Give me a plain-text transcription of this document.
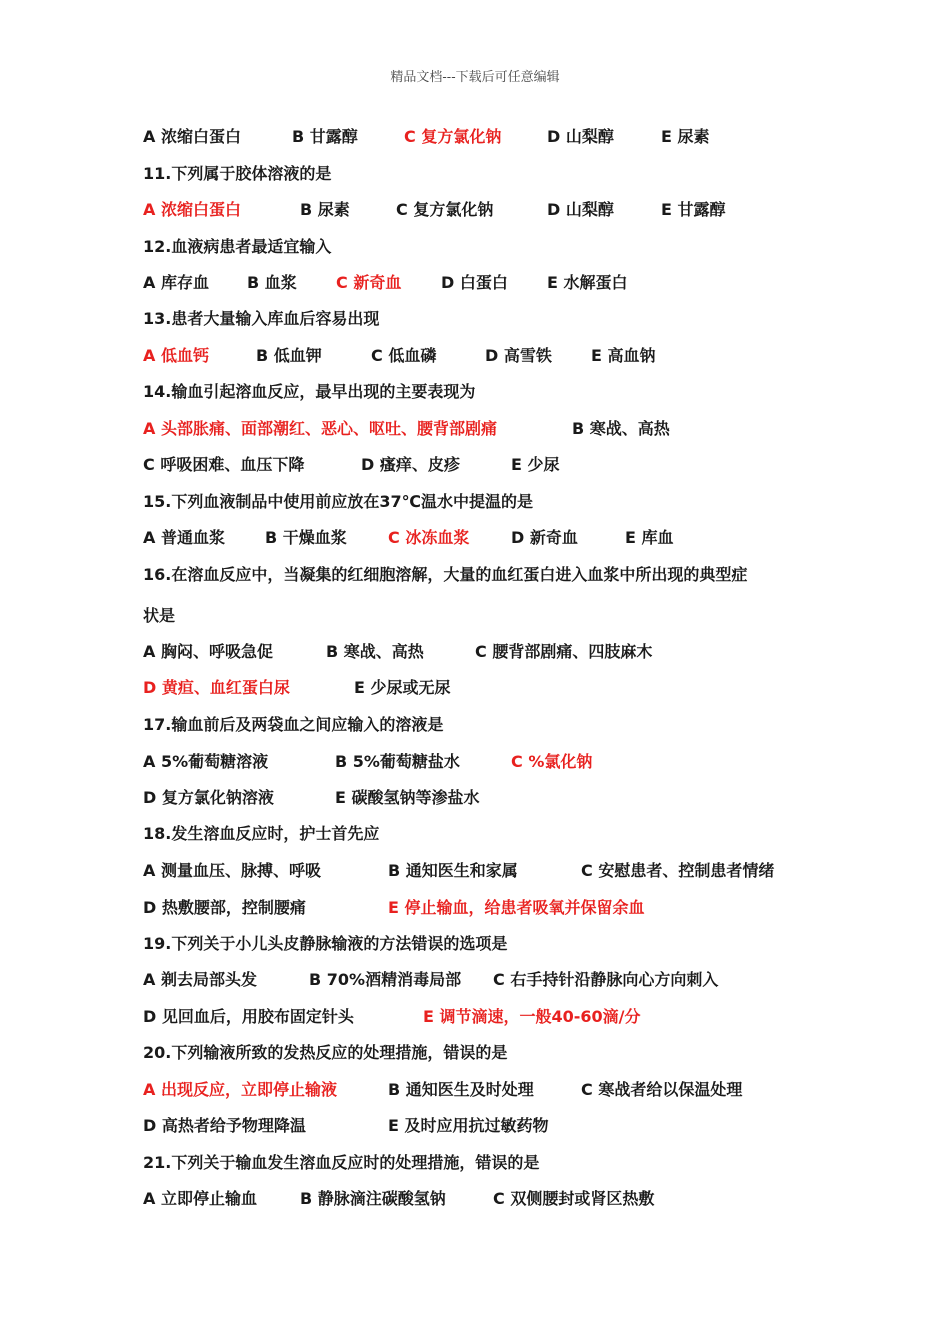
精品文档---下载后可任意编辑
A 浓缩白蛋白	B 甘露醇	C 复方氯化钠	D 山梨醇	E 尿素
11.下列属于胶体溶液的是
A 浓缩白蛋白	B 尿素	C 复方氯化钠	D 山梨醇	E 甘露醇
12.血液病患者最适宜输入
A 库存血 B 血浆 C 新奇血 D 白蛋白 E 水解蛋白
13.患者大量输入库血后容易出现
A 低血钙	B 低血钾	C 低血磷	D 高雪铁 E 高血钠
14.输血引起溶血反应，最早出现的主要表现为
A 头部胀痛、面部潮红、恶心、呕吐、腰背部剧痛	B 寒战、高热
C 呼吸困难、血压下降	D 瘙痒、皮疹	E 少尿
15.下列血液制品中使用前应放在37℃温水中提温的是
A 普通血浆	B 干燥血浆	C 冰冻血浆	D 新奇血	E 库血
16.在溶血反应中，当凝集的红细胞溶解，大量的血红蛋白进入血浆中所出现的典型症
状是
A 胸闷、呼吸急促	B 寒战、高热	C 腰背部剧痛、四肢麻木
D 黄疸、血红蛋白尿	E 少尿或无尿
17.输血前后及两袋血之间应输入的溶液是
A 5%葡萄糖溶液	B 5%葡萄糖盐水	C %氯化钠
D 复方氯化钠溶液	E 碳酸氢钠等渗盐水
18.发生溶血反应时，护士首先应
A 测量血压、脉搏、呼吸	B 通知医生和家属	C 安慰患者、控制患者情绪
D 热敷腰部，控制腰痛	E 停止输血，给患者吸氧并保留余血
19.下列关于小儿头皮静脉输液的方法错误的选项是
A 剃去局部头发	B 70%酒精消毒局部 C 右手持针沿静脉向心方向刺入
D 见回血后，用胶布固定针头	E 调节滴速，一般40-60滴/分
20.下列输液所致的发热反应的处理措施，错误的是
A 出现反应，立即停止输液	B 通知医生及时处理	C 寒战者给以保温处理
D 高热者给予物理降温	E 及时应用抗过敏药物
21.下列关于输血发生溶血反应时的处理措施，错误的是
A 立即停止输血	B 静脉滴注碳酸氢钠	C 双侧腰封或肾区热敷
